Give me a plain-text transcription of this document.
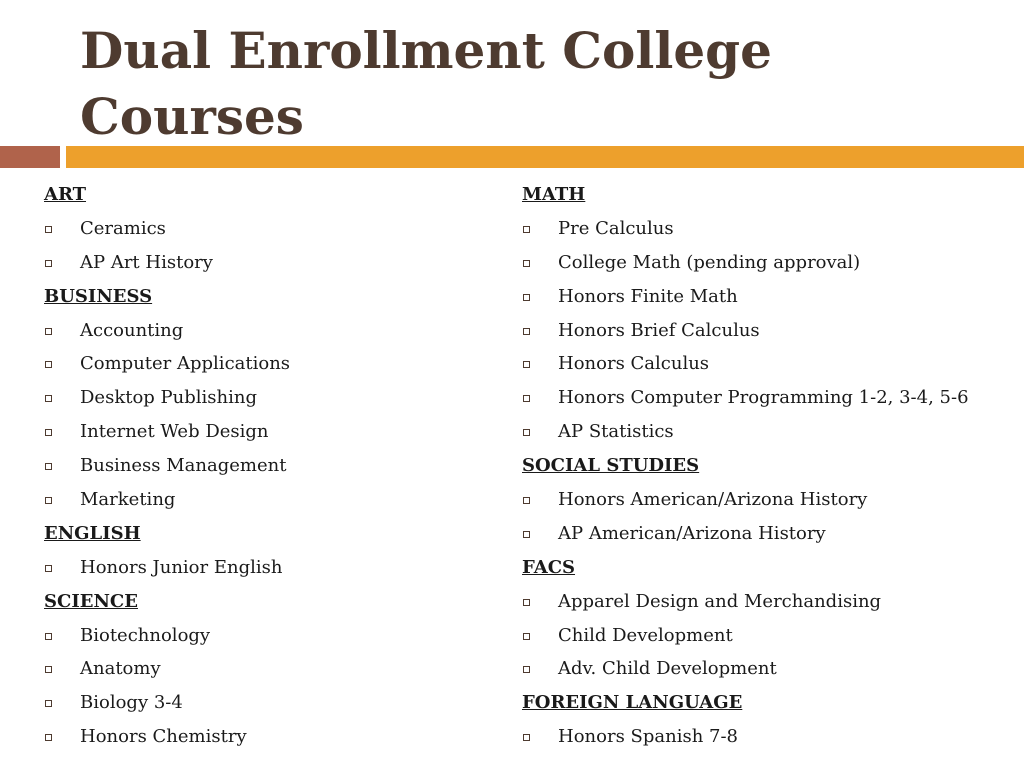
Dual Enrollment College Courses
ART
Ceramics
AP Art History
BUSINESS
Accounting
Computer Applications
Desktop Publishing
Internet Web Design
Business Management
Marketing
ENGLISH
Honors Junior English
SCIENCE
Biotechnology
Anatomy
Biology 3-4
Honors Chemistry
MATH
Pre Calculus
College Math (pending approval)
Honors Finite Math
Honors Brief Calculus
Honors Calculus
Honors Computer Programming 1-2, 3-4, 5-6
AP Statistics
SOCIAL STUDIES
Honors American/Arizona History
AP American/Arizona History
FACS
Apparel Design and Merchandising
Child Development
Adv. Child Development
FOREIGN LANGUAGE
Honors Spanish 7-8
